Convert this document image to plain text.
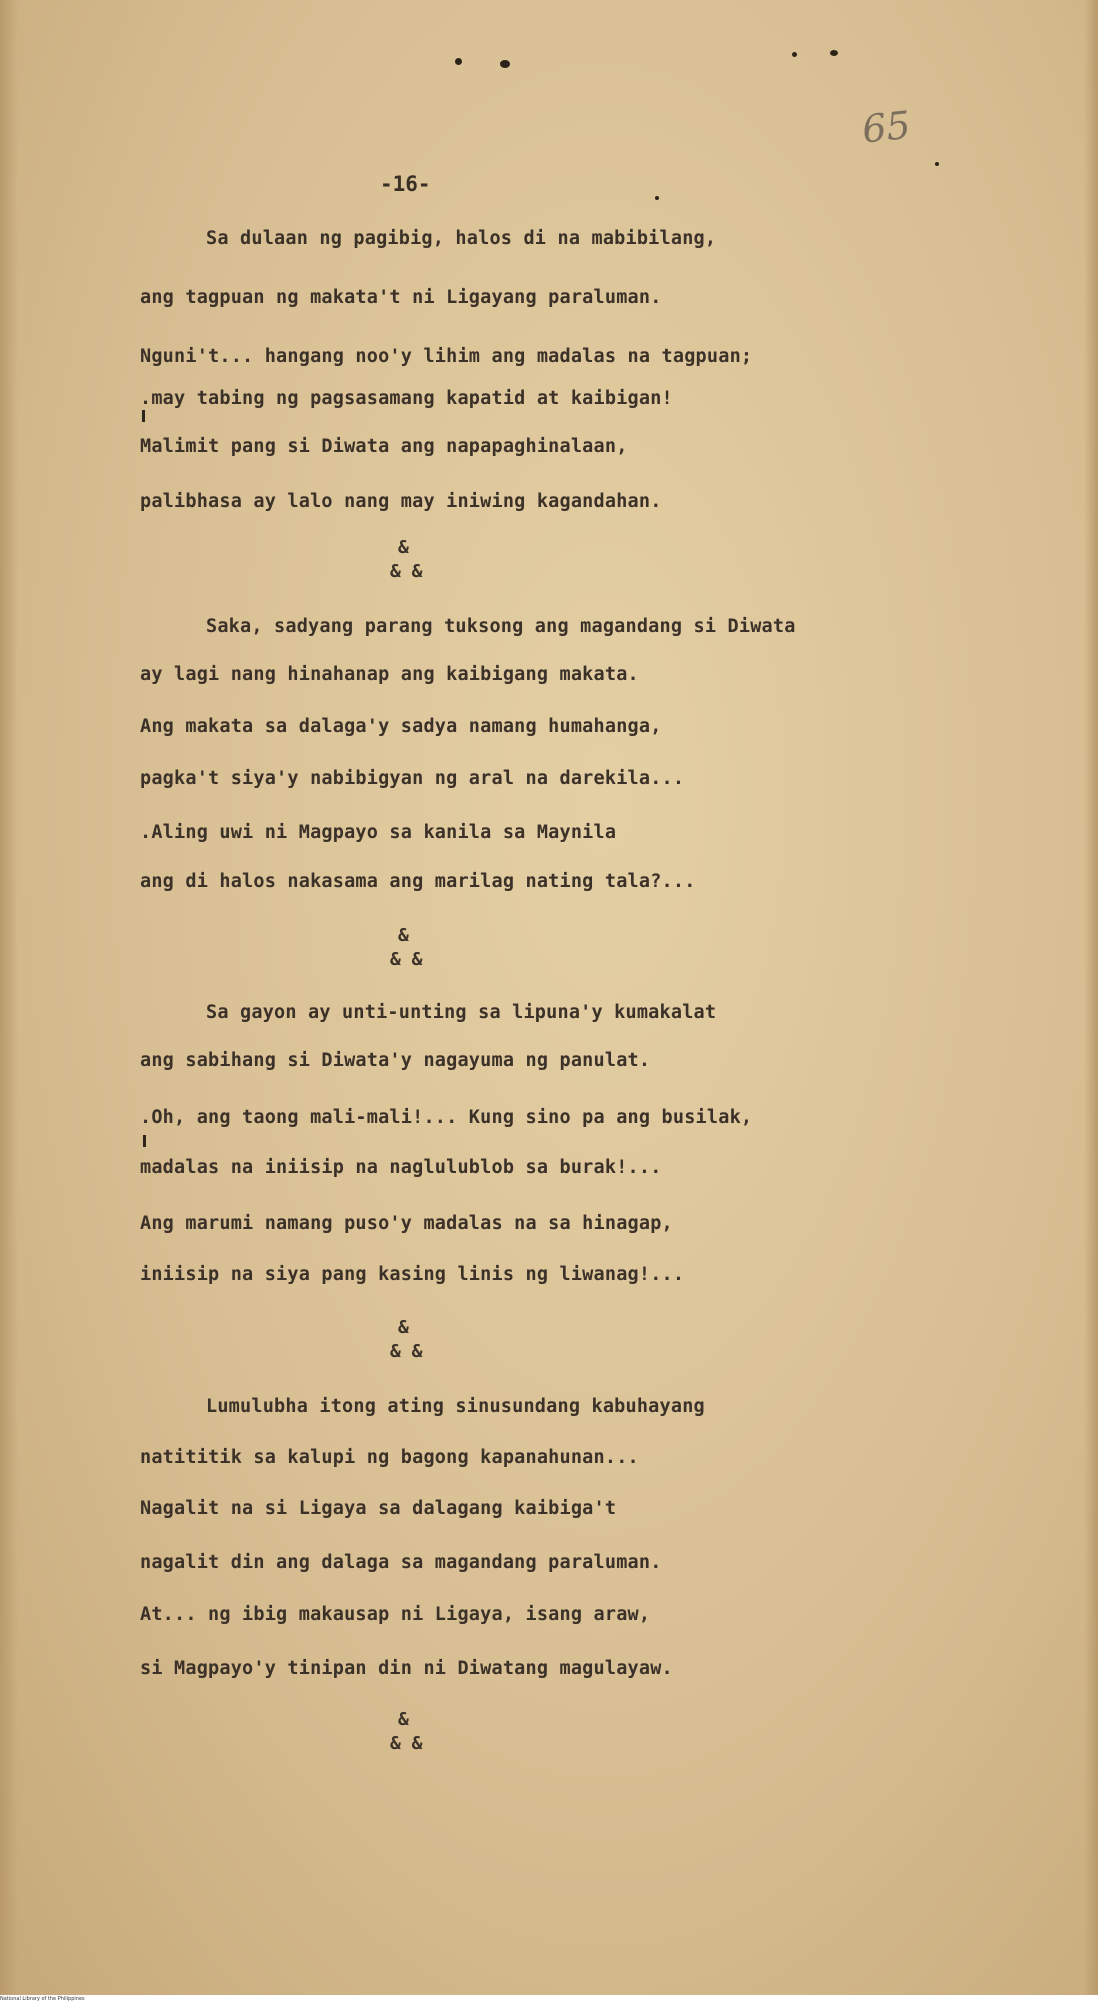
65
-16-
Sa dulaan ng pagibig, halos di na mabibilang,
ang tagpuan ng makata't ni Ligayang paraluman.
Nguni't... hangang noo'y lihim ang madalas na tagpuan;
.may tabing ng pagsasamang kapatid at kaibigan!
Malimit pang si Diwata ang napapaghinalaan,
palibhasa ay lalo nang may iniwing kagandahan.
&
& &
Saka, sadyang parang tuksong ang magandang si Diwata
ay lagi nang hinahanap ang kaibigang makata.
Ang makata sa dalaga'y sadya namang humahanga,
pagka't siya'y nabibigyan ng aral na darekila...
.Aling uwi ni Magpayo sa kanila sa Maynila
ang di halos nakasama ang marilag nating tala?...
&
& &
Sa gayon ay unti-unting sa lipuna'y kumakalat
ang sabihang si Diwata'y nagayuma ng panulat.
.Oh, ang taong mali-mali!... Kung sino pa ang busilak,
madalas na iniisip na naglulublob sa burak!...
Ang marumi namang puso'y madalas na sa hinagap,
iniisip na siya pang kasing linis ng liwanag!...
&
& &
Lumulubha itong ating sinusundang kabuhayang
natititik sa kalupi ng bagong kapanahunan...
Nagalit na si Ligaya sa dalagang kaibiga't
nagalit din ang dalaga sa magandang paraluman.
At... ng ibig makausap ni Ligaya, isang araw,
si Magpayo'y tinipan din ni Diwatang magulayaw.
&
& &
National Library of the Philippines
